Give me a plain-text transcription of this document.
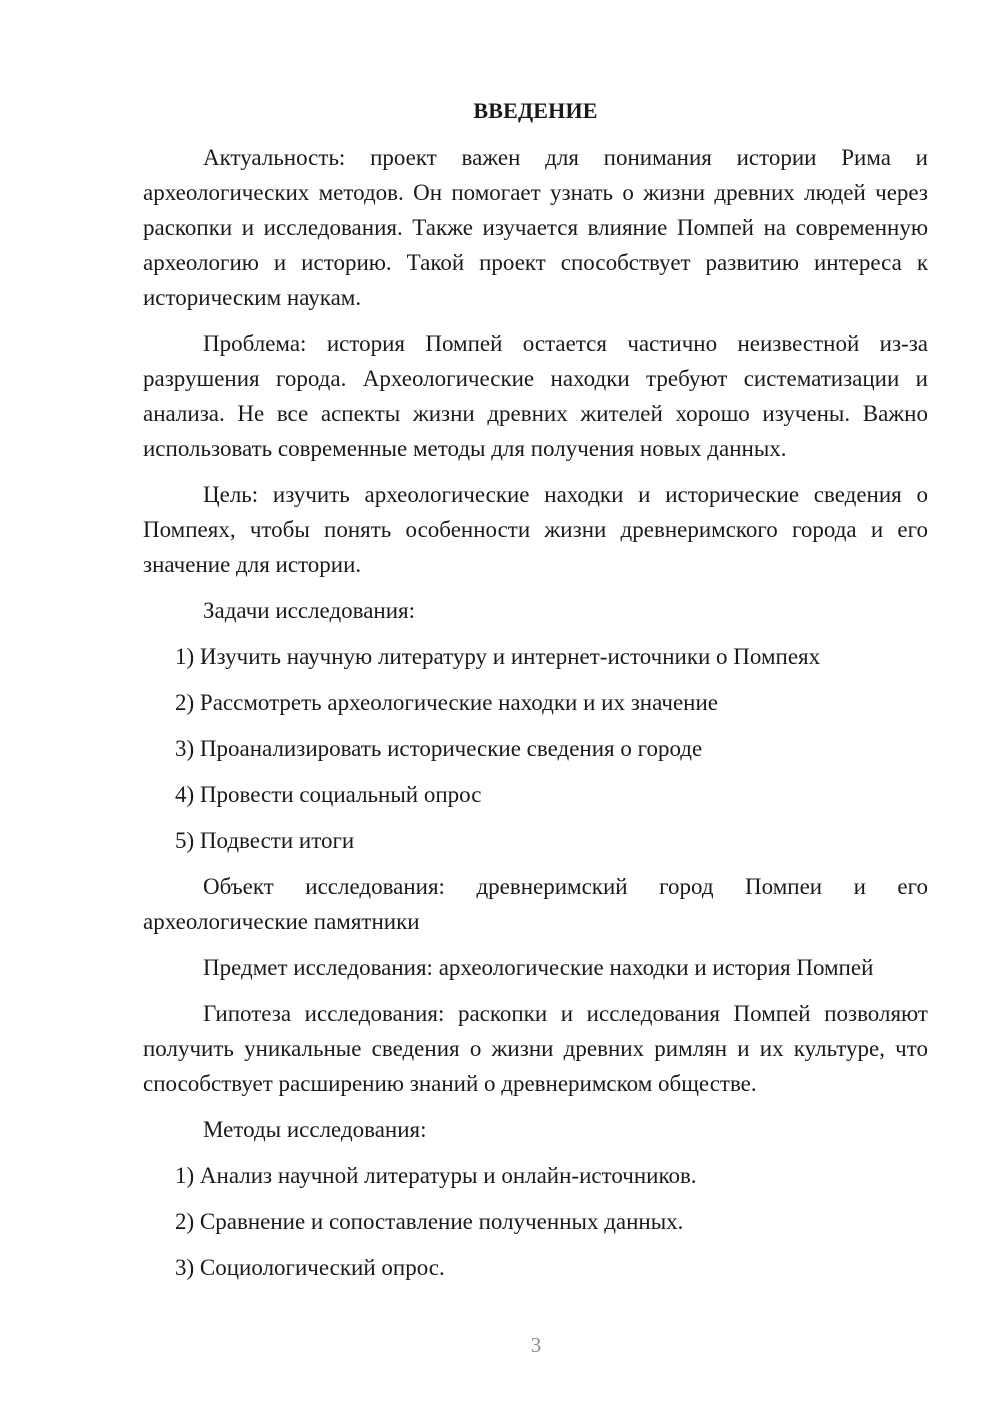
ВВЕДЕНИЕ

Актуальность: проект важен для понимания истории Рима и археологических методов. Он помогает узнать о жизни древних людей через раскопки и исследования. Также изучается влияние Помпей на современную археологию и историю. Такой проект способствует развитию интереса к историческим наукам.

Проблема: история Помпей остается частично неизвестной из-за разрушения города. Археологические находки требуют систематизации и анализа. Не все аспекты жизни древних жителей хорошо изучены. Важно использовать современные методы для получения новых данных.

Цель: изучить археологические находки и исторические сведения о Помпеях, чтобы понять особенности жизни древнеримского города и его значение для истории.

Задачи исследования:

1) Изучить научную литературу и интернет-источники о Помпеях
2) Рассмотреть археологические находки и их значение
3) Проанализировать исторические сведения о городе
4) Провести социальный опрос
5) Подвести итоги

Объект исследования: древнеримский город Помпеи и его археологические памятники

Предмет исследования: археологические находки и история Помпей

Гипотеза исследования: раскопки и исследования Помпей позволяют получить уникальные сведения о жизни древних римлян и их культуре, что способствует расширению знаний о древнеримском обществе.

Методы исследования:

1) Анализ научной литературы и онлайн-источников.
2) Сравнение и сопоставление полученных данных.
3) Социологический опрос.
3
